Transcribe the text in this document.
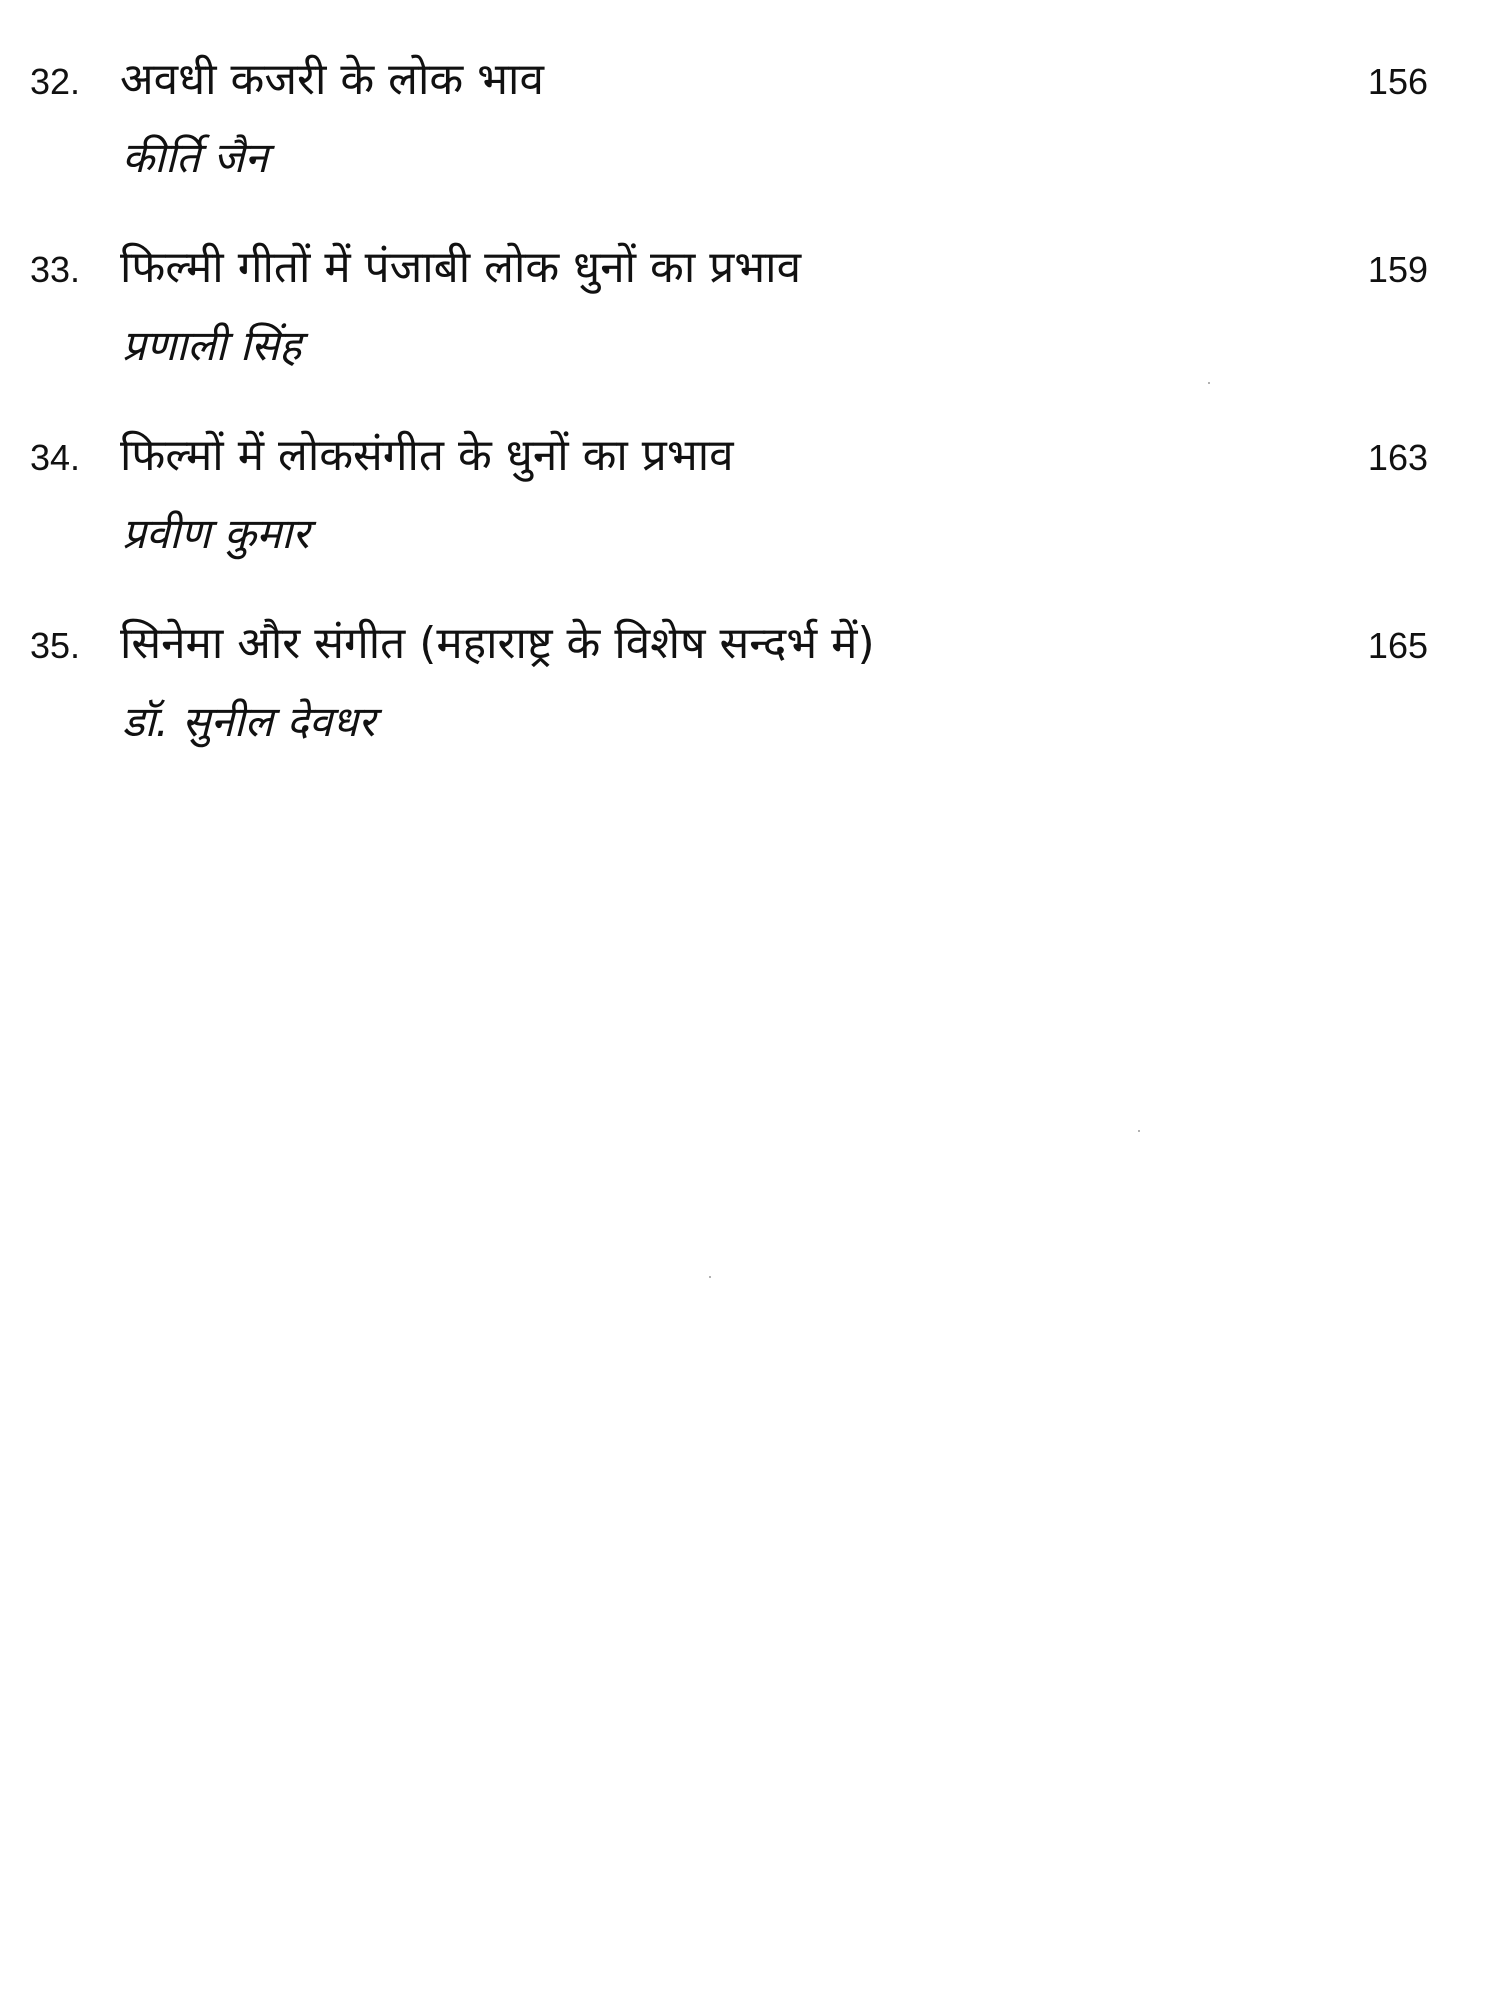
32. अवधी कजरी के लोक भाव
कीर्ति जैन
156
33. फिल्मी गीतों में पंजाबी लोक धुनों का प्रभाव
प्रणाली सिंह
159
34. फिल्मों में लोकसंगीत के धुनों का प्रभाव
प्रवीण कुमार
163
35. सिनेमा और संगीत (महाराष्ट्र के विशेष सन्दर्भ में)
डॉ. सुनील देवधर
165
